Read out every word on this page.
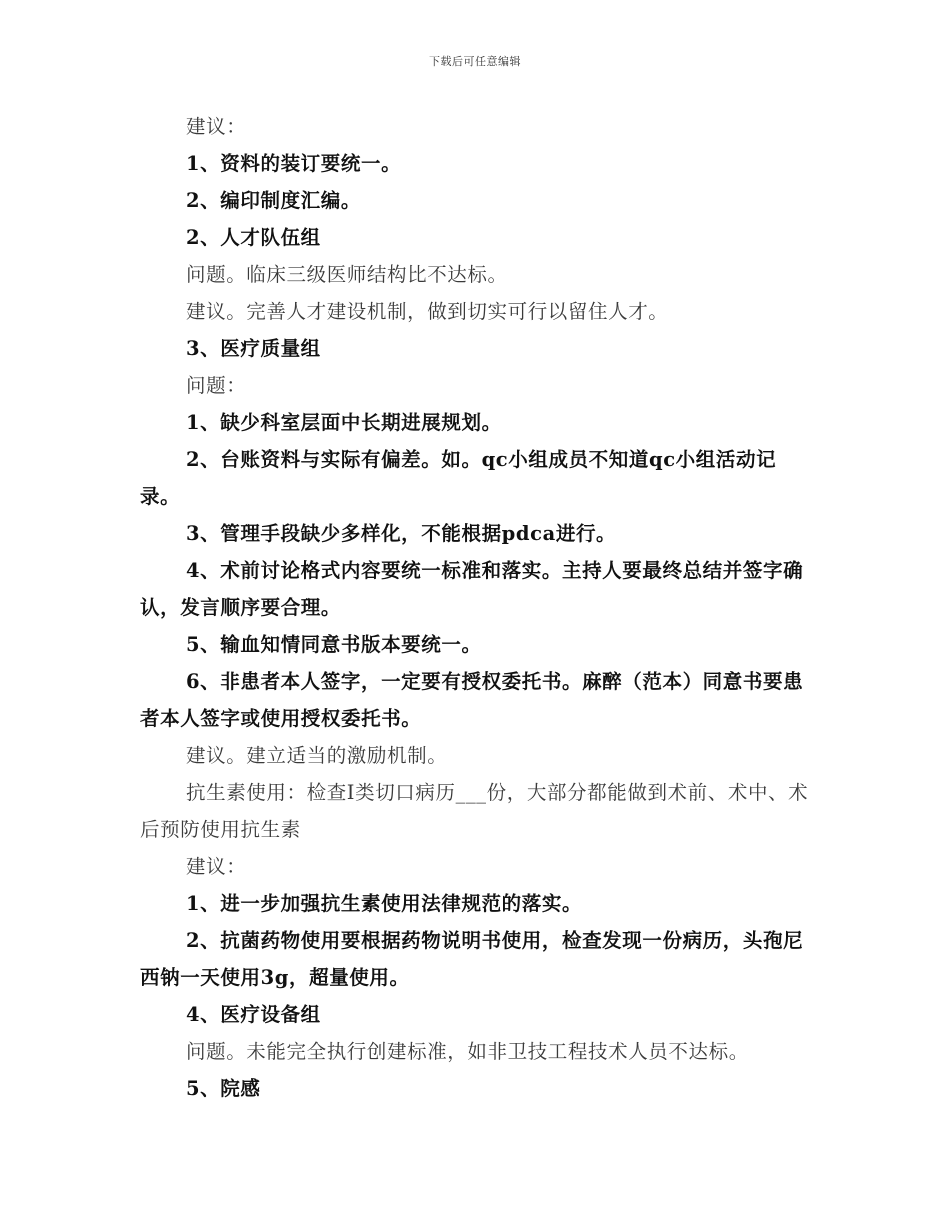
下载后可任意编辑

建议：

1、资料的装订要统一。

2、编印制度汇编。

2、人才队伍组

问题。临床三级医师结构比不达标。

建议。完善人才建设机制，做到切实可行以留住人才。

3、医疗质量组

问题：

1、缺少科室层面中长期进展规划。

2、台账资料与实际有偏差。如。qc小组成员不知道qc小组活动记录。

3、管理手段缺少多样化，不能根据pdca进行。

4、术前讨论格式内容要统一标准和落实。主持人要最终总结并签字确认，发言顺序要合理。

5、输血知情同意书版本要统一。

6、非患者本人签字，一定要有授权委托书。麻醉（范本）同意书要患者本人签字或使用授权委托书。

建议。建立适当的激励机制。

抗生素使用：检查Ⅰ类切口病历___份，大部分都能做到术前、术中、术后预防使用抗生素

建议：

1、进一步加强抗生素使用法律规范的落实。

2、抗菌药物使用要根据药物说明书使用，检查发现一份病历，头孢尼西钠一天使用3g，超量使用。

4、医疗设备组

问题。未能完全执行创建标准，如非卫技工程技术人员不达标。

5、院感
